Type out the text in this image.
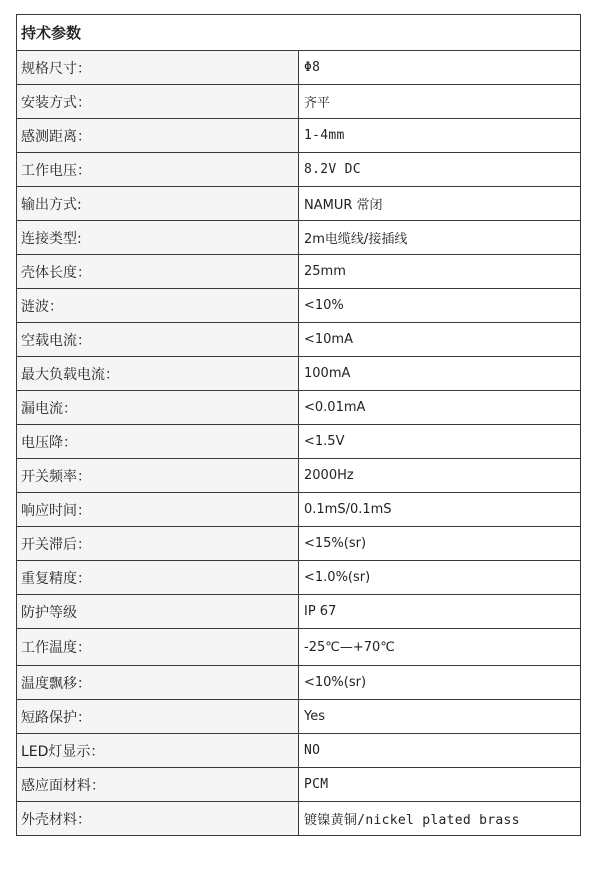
持术参数	
规格尺寸：	Φ8
安装方式：	齐平
感测距离：	1-4mm
工作电压：	8.2V DC
输出方式:	NAMUR 常闭
连接类型:	2m电缆线/接插线
壳体长度：	25mm
涟波：	<10%
空载电流：	<10mA
最大负载电流：	100mA
漏电流：	<0.01mA
电压降：	<1.5V
开关频率：	2000Hz
响应时间：	0.1mS/0.1mS
开关滞后：	<15%(sr)
重复精度：	<1.0%(sr)
防护等级	IP 67
工作温度：	-25℃—+70℃
温度飘移：	<10%(sr)
短路保护：	Yes
LED灯显示：	NO
感应面材料：	PCM
外壳材料：	镀镍黄铜/nickel plated brass
